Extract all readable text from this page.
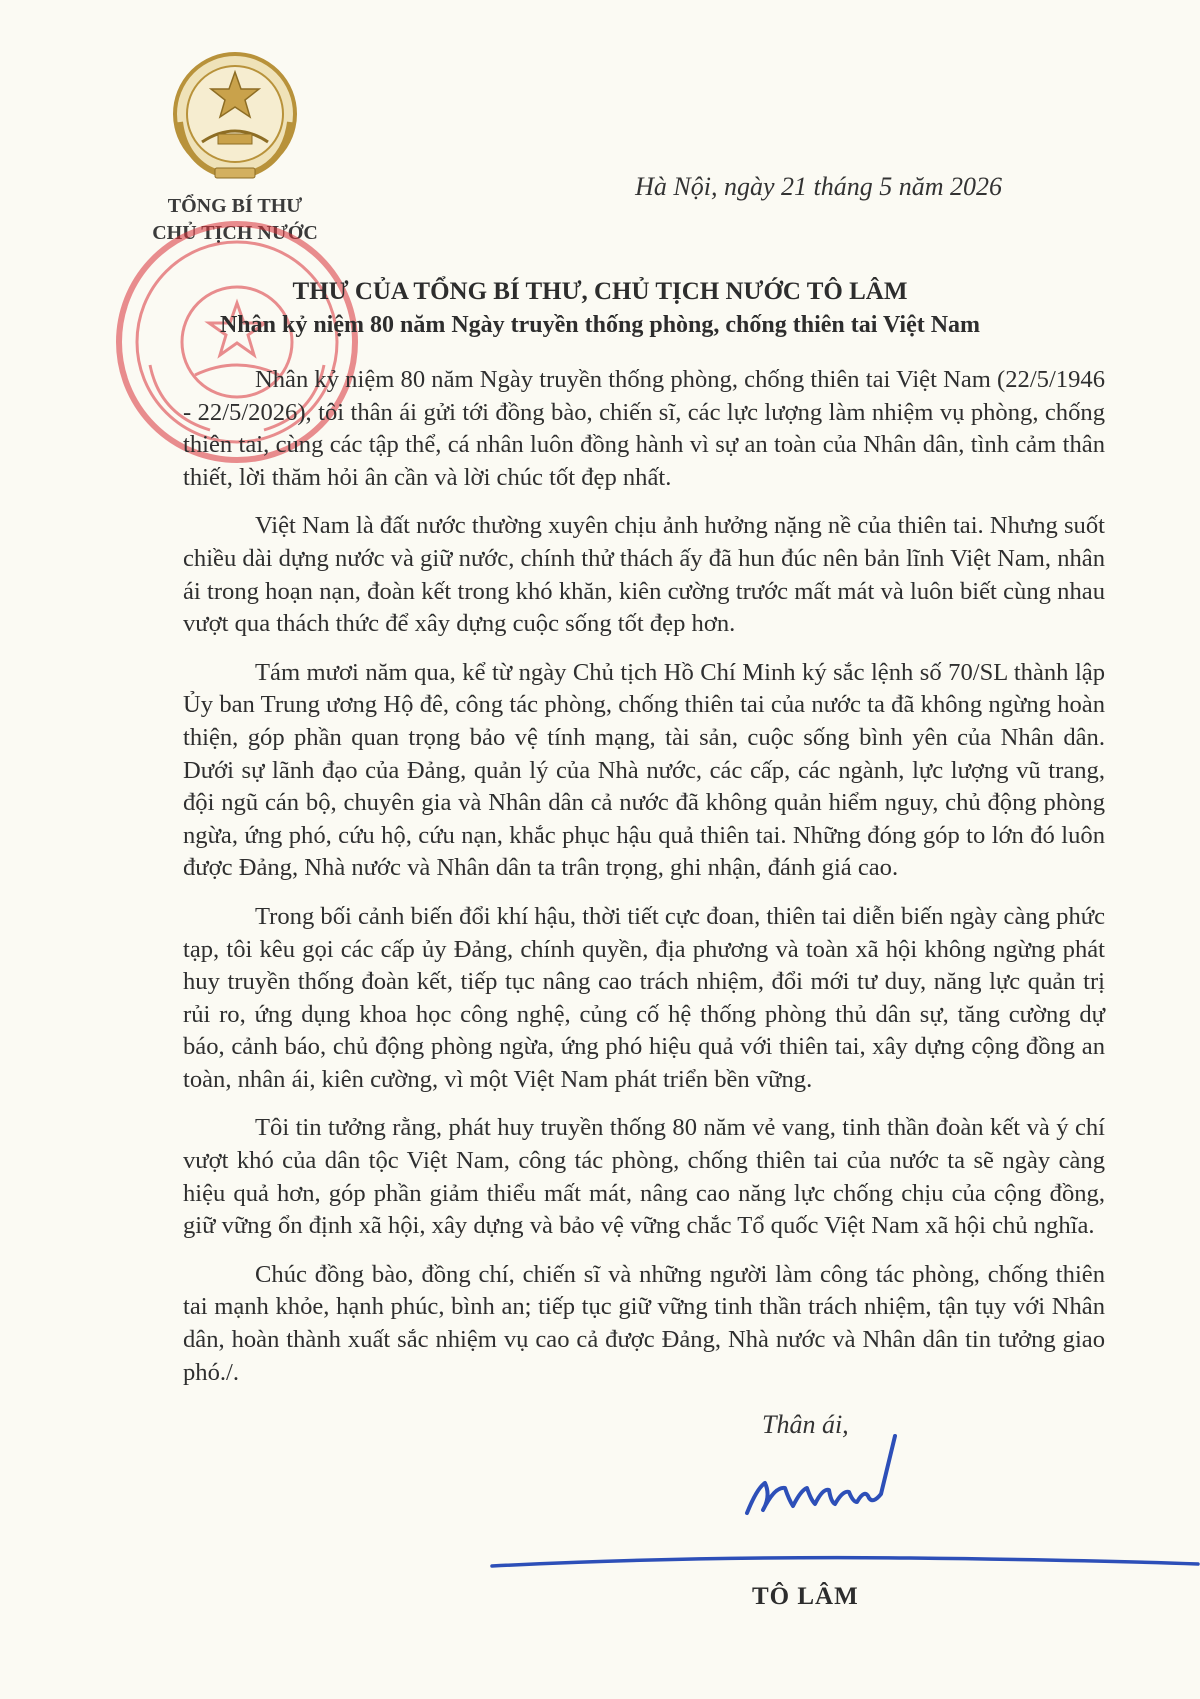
TỔNG BÍ THƯ
CHỦ TỊCH NƯỚC
Hà Nội, ngày 21 tháng 5 năm 2026
THƯ CỦA TỔNG BÍ THƯ, CHỦ TỊCH NƯỚC TÔ LÂM
Nhân kỷ niệm 80 năm Ngày truyền thống phòng, chống thiên tai Việt Nam

Nhân kỷ niệm 80 năm Ngày truyền thống phòng, chống thiên tai Việt Nam (22/5/1946 - 22/5/2026), tôi thân ái gửi tới đồng bào, chiến sĩ, các lực lượng làm nhiệm vụ phòng, chống thiên tai, cùng các tập thể, cá nhân luôn đồng hành vì sự an toàn của Nhân dân, tình cảm thân thiết, lời thăm hỏi ân cần và lời chúc tốt đẹp nhất.

Việt Nam là đất nước thường xuyên chịu ảnh hưởng nặng nề của thiên tai. Nhưng suốt chiều dài dựng nước và giữ nước, chính thử thách ấy đã hun đúc nên bản lĩnh Việt Nam, nhân ái trong hoạn nạn, đoàn kết trong khó khăn, kiên cường trước mất mát và luôn biết cùng nhau vượt qua thách thức để xây dựng cuộc sống tốt đẹp hơn.

Tám mươi năm qua, kể từ ngày Chủ tịch Hồ Chí Minh ký sắc lệnh số 70/SL thành lập Ủy ban Trung ương Hộ đê, công tác phòng, chống thiên tai của nước ta đã không ngừng hoàn thiện, góp phần quan trọng bảo vệ tính mạng, tài sản, cuộc sống bình yên của Nhân dân. Dưới sự lãnh đạo của Đảng, quản lý của Nhà nước, các cấp, các ngành, lực lượng vũ trang, đội ngũ cán bộ, chuyên gia và Nhân dân cả nước đã không quản hiểm nguy, chủ động phòng ngừa, ứng phó, cứu hộ, cứu nạn, khắc phục hậu quả thiên tai. Những đóng góp to lớn đó luôn được Đảng, Nhà nước và Nhân dân ta trân trọng, ghi nhận, đánh giá cao.

Trong bối cảnh biến đổi khí hậu, thời tiết cực đoan, thiên tai diễn biến ngày càng phức tạp, tôi kêu gọi các cấp ủy Đảng, chính quyền, địa phương và toàn xã hội không ngừng phát huy truyền thống đoàn kết, tiếp tục nâng cao trách nhiệm, đổi mới tư duy, năng lực quản trị rủi ro, ứng dụng khoa học công nghệ, củng cố hệ thống phòng thủ dân sự, tăng cường dự báo, cảnh báo, chủ động phòng ngừa, ứng phó hiệu quả với thiên tai, xây dựng cộng đồng an toàn, nhân ái, kiên cường, vì một Việt Nam phát triển bền vững.

Tôi tin tưởng rằng, phát huy truyền thống 80 năm vẻ vang, tinh thần đoàn kết và ý chí vượt khó của dân tộc Việt Nam, công tác phòng, chống thiên tai của nước ta sẽ ngày càng hiệu quả hơn, góp phần giảm thiểu mất mát, nâng cao năng lực chống chịu của cộng đồng, giữ vững ổn định xã hội, xây dựng và bảo vệ vững chắc Tổ quốc Việt Nam xã hội chủ nghĩa.

Chúc đồng bào, đồng chí, chiến sĩ và những người làm công tác phòng, chống thiên tai mạnh khỏe, hạnh phúc, bình an; tiếp tục giữ vững tinh thần trách nhiệm, tận tụy với Nhân dân, hoàn thành xuất sắc nhiệm vụ cao cả được Đảng, Nhà nước và Nhân dân tin tưởng giao phó./.

Thân ái,
TÔ LÂM
